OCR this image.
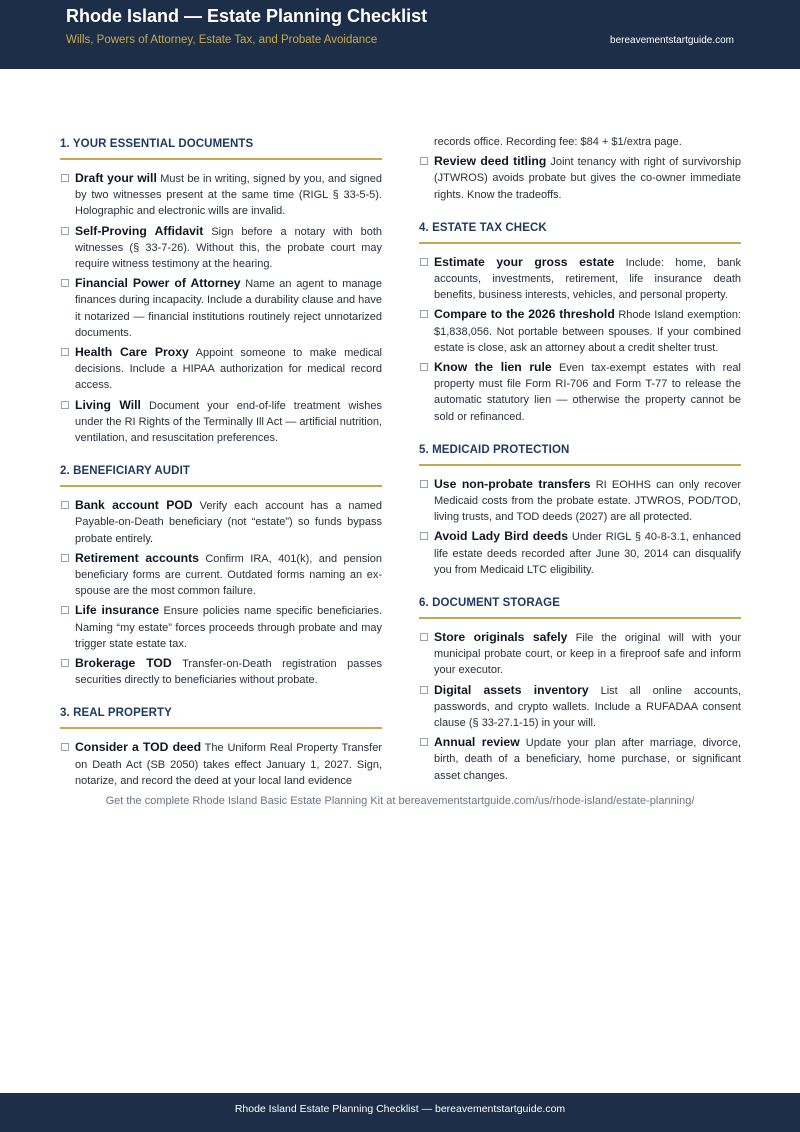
Rhode Island — Estate Planning Checklist
Wills, Powers of Attorney, Estate Tax, and Probate Avoidance	bereavementstartguide.com
1. YOUR ESSENTIAL DOCUMENTS
Draft your will Must be in writing, signed by you, and signed by two witnesses present at the same time (RIGL § 33-5-5). Holographic and electronic wills are invalid.
Self-Proving Affidavit Sign before a notary with both witnesses (§ 33-7-26). Without this, the probate court may require witness testimony at the hearing.
Financial Power of Attorney Name an agent to manage finances during incapacity. Include a durability clause and have it notarized — financial institutions routinely reject unnotarized documents.
Health Care Proxy Appoint someone to make medical decisions. Include a HIPAA authorization for medical record access.
Living Will Document your end-of-life treatment wishes under the RI Rights of the Terminally Ill Act — artificial nutrition, ventilation, and resuscitation preferences.
2. BENEFICIARY AUDIT
Bank account POD Verify each account has a named Payable-on-Death beneficiary (not “estate”) so funds bypass probate entirely.
Retirement accounts Confirm IRA, 401(k), and pension beneficiary forms are current. Outdated forms naming an ex-spouse are the most common failure.
Life insurance Ensure policies name specific beneficiaries. Naming “my estate” forces proceeds through probate and may trigger state estate tax.
Brokerage TOD Transfer-on-Death registration passes securities directly to beneficiaries without probate.
3. REAL PROPERTY
Consider a TOD deed The Uniform Real Property Transfer on Death Act (SB 2050) takes effect January 1, 2027. Sign, notarize, and record the deed at your local land evidence
records office. Recording fee: $84 + $1/extra page.
Review deed titling Joint tenancy with right of survivorship (JTWROS) avoids probate but gives the co-owner immediate rights. Know the tradeoffs.
4. ESTATE TAX CHECK
Estimate your gross estate Include: home, bank accounts, investments, retirement, life insurance death benefits, business interests, vehicles, and personal property.
Compare to the 2026 threshold Rhode Island exemption: $1,838,056. Not portable between spouses. If your combined estate is close, ask an attorney about a credit shelter trust.
Know the lien rule Even tax-exempt estates with real property must file Form RI-706 and Form T-77 to release the automatic statutory lien — otherwise the property cannot be sold or refinanced.
5. MEDICAID PROTECTION
Use non-probate transfers RI EOHHS can only recover Medicaid costs from the probate estate. JTWROS, POD/TOD, living trusts, and TOD deeds (2027) are all protected.
Avoid Lady Bird deeds Under RIGL § 40-8-3.1, enhanced life estate deeds recorded after June 30, 2014 can disqualify you from Medicaid LTC eligibility.
6. DOCUMENT STORAGE
Store originals safely File the original will with your municipal probate court, or keep in a fireproof safe and inform your executor.
Digital assets inventory List all online accounts, passwords, and crypto wallets. Include a RUFADAA consent clause (§ 33-27.1-15) in your will.
Annual review Update your plan after marriage, divorce, birth, death of a beneficiary, home purchase, or significant asset changes.
Get the complete Rhode Island Basic Estate Planning Kit at bereavementstartguide.com/us/rhode-island/estate-planning/
Rhode Island Estate Planning Checklist — bereavementstartguide.com
